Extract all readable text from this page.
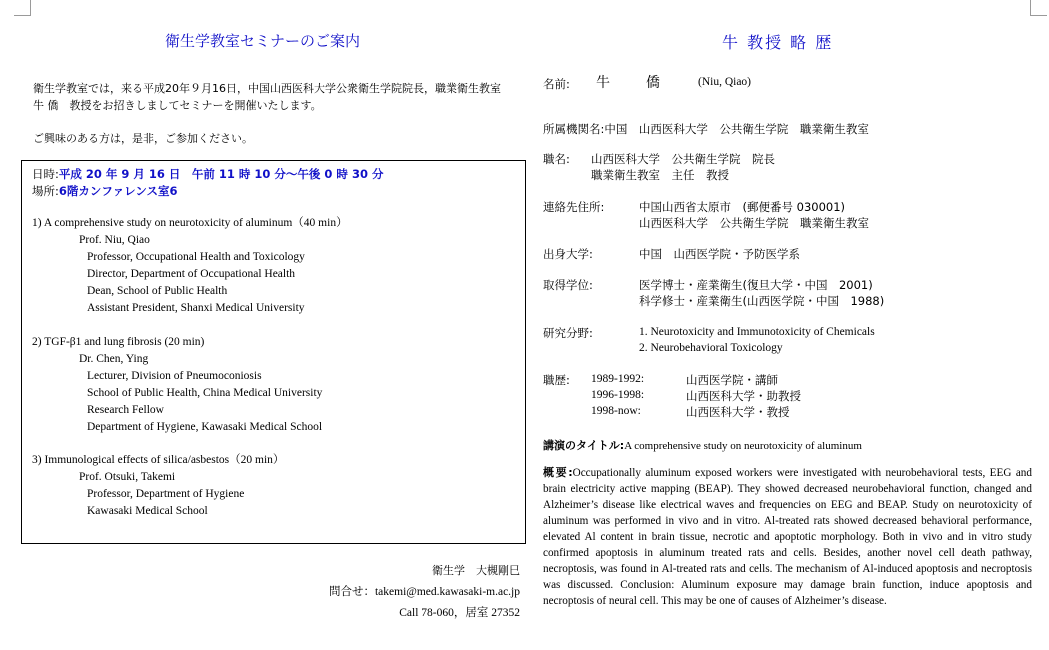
衛生学教室セミナーのご案内
衛生学教室では，来る平成20年９月16日，中国山西医科大学公衆衛生学院院長，職業衛生教室
牛 僑　教授をお招きしましてセミナーを開催いたします。
ご興味のある方は，是非，ご参加ください。
日時:平成 20 年 9 月 16 日　午前 11 時 10 分〜午後 0 時 30 分
場所:6階カンファレンス室6
1) A comprehensive study on neurotoxicity of aluminum（40 min）
Prof. Niu, Qiao
Professor, Occupational Health and Toxicology
Director, Department of Occupational Health
Dean, School of Public Health
Assistant President, Shanxi Medical University
2) TGF-β1 and lung fibrosis (20 min)
Dr. Chen, Ying
Lecturer, Division of Pneumoconiosis
School of Public Health, China Medical University
Research Fellow
Department of Hygiene, Kawasaki Medical School
3) Immunological effects of silica/asbestos（20 min）
Prof. Otsuki, Takemi
Professor, Department of Hygiene
Kawasaki Medical School
衛生学　大槻剛巳
問合せ：takemi@med.kawasaki-m.ac.jp
Call 78-060，居室 27352
牛 教授 略 歴
名前: 牛	僑	(Niu, Qiao)
所属機関名:中国　山西医科大学　公共衛生学院　職業衛生教室
職名: 山西医科大学　公共衛生学院　院長
職業衛生教室　主任　教授
連絡先住所:	中国山西省太原市　(郵便番号 030001)
山西医科大学　公共衛生学院　職業衛生教室
出身大学:	中国　山西医学院・予防医学系
取得学位:	医学博士・産業衛生(復旦大学・中国　2001)
科学修士・産業衛生(山西医学院・中国　1988)
研究分野:	1. Neurotoxicity and Immunotoxicity of Chemicals
2. Neurobehavioral Toxicology
職歴: 1989-1992:	山西医学院・講師
1996-1998:	山西医科大学・助教授
1998-now:	山西医科大学・教授
講演のタイトル:A comprehensive study on neurotoxicity of aluminum
概要:Occupationally aluminum exposed workers were investigated with neurobehavioral tests, EEG and brain electricity active mapping (BEAP). They showed decreased neurobehavioral function, changed and Alzheimer’s disease like electrical waves and frequencies on EEG and BEAP. Study on neurotoxicity of aluminum was performed in vivo and in vitro. Al-treated rats showed decreased behavioral performance, elevated Al content in brain tissue, necrotic and apoptotic morphology. Both in vivo and in vitro study confirmed apoptosis in aluminum treated rats and cells. Besides, another novel cell death pathway, necroptosis, was found in Al-treated rats and cells. The mechanism of Al-induced apoptosis and necroptosis was discussed. Conclusion: Aluminum exposure may damage brain function, induce apoptosis and necroptosis of neural cell. This may be one of causes of Alzheimer’s disease.
